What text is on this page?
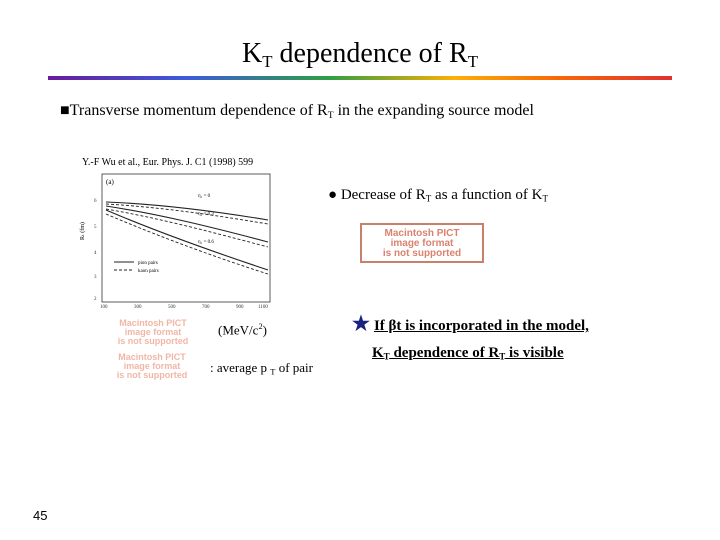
$K_T$ dependence of $R_T$
■Transverse momentum dependence of $R_T$ in the expanding source model
Y.-F Wu et al., Eur. Phys. J. C1 (1998) 599
(a)
Rₜ (fm)
6
5
4
3
2
100	300	500	700	900	1100
η₁ = 0
η₁ = 0.3
η₁ = 0.6
pion pairs
kaon pairs
Macintosh PICT
image format
is not supported
Macintosh PICT
image format
is not supported
Macintosh PICT
image format
is not supported
$(MeV/c^2)$
: average p $_T$ of pair
● Decrease of $R_T$ as a function of $K_T$
★ If βt is incorporated in the model,
$K_T$ dependence of $R_T$ is visible
45
